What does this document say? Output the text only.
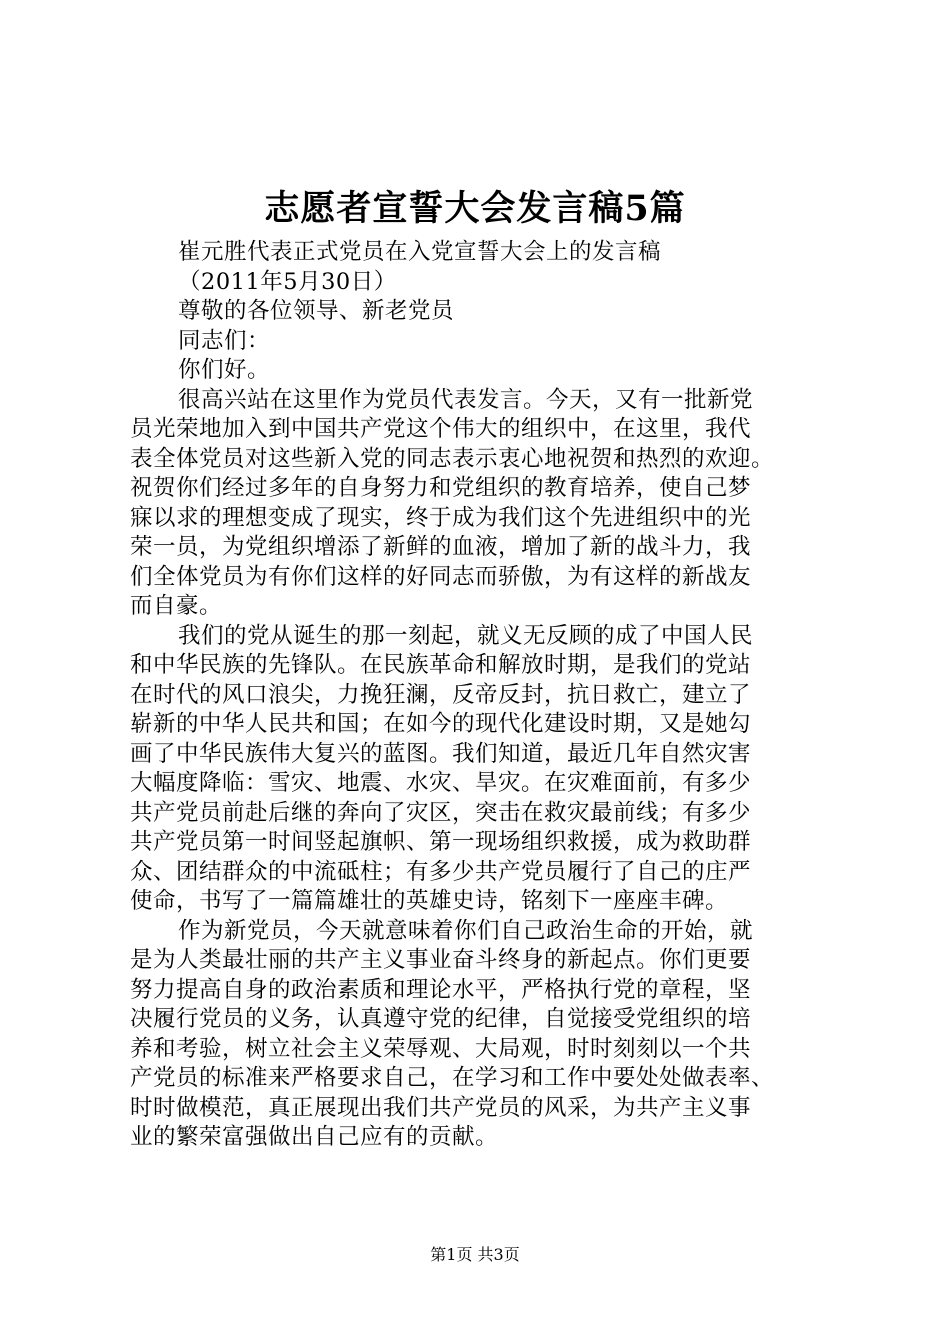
志愿者宣誓大会发言稿5篇
崔元胜代表正式党员在入党宣誓大会上的发言稿
（2011年5月30日）
尊敬的各位领导、新老党员
同志们：
你们好。
很高兴站在这里作为党员代表发言。今天，又有一批新党
员光荣地加入到中国共产党这个伟大的组织中，在这里，我代
表全体党员对这些新入党的同志表示衷心地祝贺和热烈的欢迎。
祝贺你们经过多年的自身努力和党组织的教育培养，使自己梦
寐以求的理想变成了现实，终于成为我们这个先进组织中的光
荣一员，为党组织增添了新鲜的血液，增加了新的战斗力，我
们全体党员为有你们这样的好同志而骄傲，为有这样的新战友
而自豪。
我们的党从诞生的那一刻起，就义无反顾的成了中国人民
和中华民族的先锋队。在民族革命和解放时期，是我们的党站
在时代的风口浪尖，力挽狂澜，反帝反封，抗日救亡，建立了
崭新的中华人民共和国；在如今的现代化建设时期，又是她勾
画了中华民族伟大复兴的蓝图。我们知道，最近几年自然灾害
大幅度降临：雪灾、地震、水灾、旱灾。在灾难面前，有多少
共产党员前赴后继的奔向了灾区，突击在救灾最前线；有多少
共产党员第一时间竖起旗帜、第一现场组织救援，成为救助群
众、团结群众的中流砥柱；有多少共产党员履行了自己的庄严
使命，书写了一篇篇雄壮的英雄史诗，铭刻下一座座丰碑。
作为新党员，今天就意味着你们自己政治生命的开始，就
是为人类最壮丽的共产主义事业奋斗终身的新起点。你们更要
努力提高自身的政治素质和理论水平，严格执行党的章程，坚
决履行党员的义务，认真遵守党的纪律，自觉接受党组织的培
养和考验，树立社会主义荣辱观、大局观，时时刻刻以一个共
产党员的标准来严格要求自己，在学习和工作中要处处做表率、
时时做模范，真正展现出我们共产党员的风采，为共产主义事
业的繁荣富强做出自己应有的贡献。
第1页 共3页
